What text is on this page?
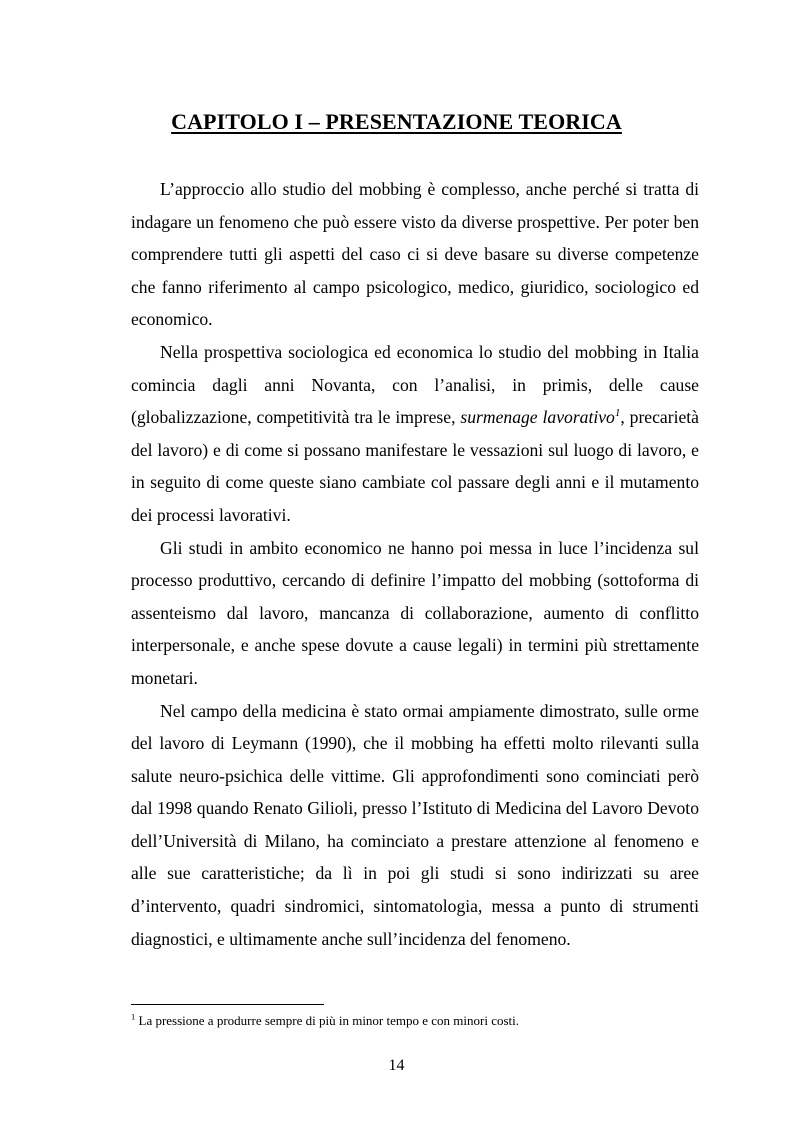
CAPITOLO I – PRESENTAZIONE TEORICA

L’approccio allo studio del mobbing è complesso, anche perché si tratta di indagare un fenomeno che può essere visto da diverse prospettive. Per poter ben comprendere tutti gli aspetti del caso ci si deve basare su diverse competenze che fanno riferimento al campo psicologico, medico, giuridico, sociologico ed economico.

Nella prospettiva sociologica ed economica lo studio del mobbing in Italia comincia dagli anni Novanta, con l’analisi, in primis, delle cause (globalizzazione, competitività tra le imprese, surmenage lavorativo$^1$, precarietà del lavoro) e di come si possano manifestare le vessazioni sul luogo di lavoro, e in seguito di come queste siano cambiate col passare degli anni e il mutamento dei processi lavorativi.

Gli studi in ambito economico ne hanno poi messa in luce l’incidenza sul processo produttivo, cercando di definire l’impatto del mobbing (sottoforma di assenteismo dal lavoro, mancanza di collaborazione, aumento di conflitto interpersonale, e anche spese dovute a cause legali) in termini più strettamente monetari.

Nel campo della medicina è stato ormai ampiamente dimostrato, sulle orme del lavoro di Leymann (1990), che il mobbing ha effetti molto rilevanti sulla salute neuro-psichica delle vittime. Gli approfondimenti sono cominciati però dal 1998 quando Renato Gilioli, presso l’Istituto di Medicina del Lavoro Devoto dell’Università di Milano, ha cominciato a prestare attenzione al fenomeno e alle sue caratteristiche; da lì in poi gli studi si sono indirizzati su aree d’intervento, quadri sindromici, sintomatologia, messa a punto di strumenti diagnostici, e ultimamente anche sull’incidenza del fenomeno.

$^1$ La pressione a produrre sempre di più in minor tempo e con minori costi.
14
